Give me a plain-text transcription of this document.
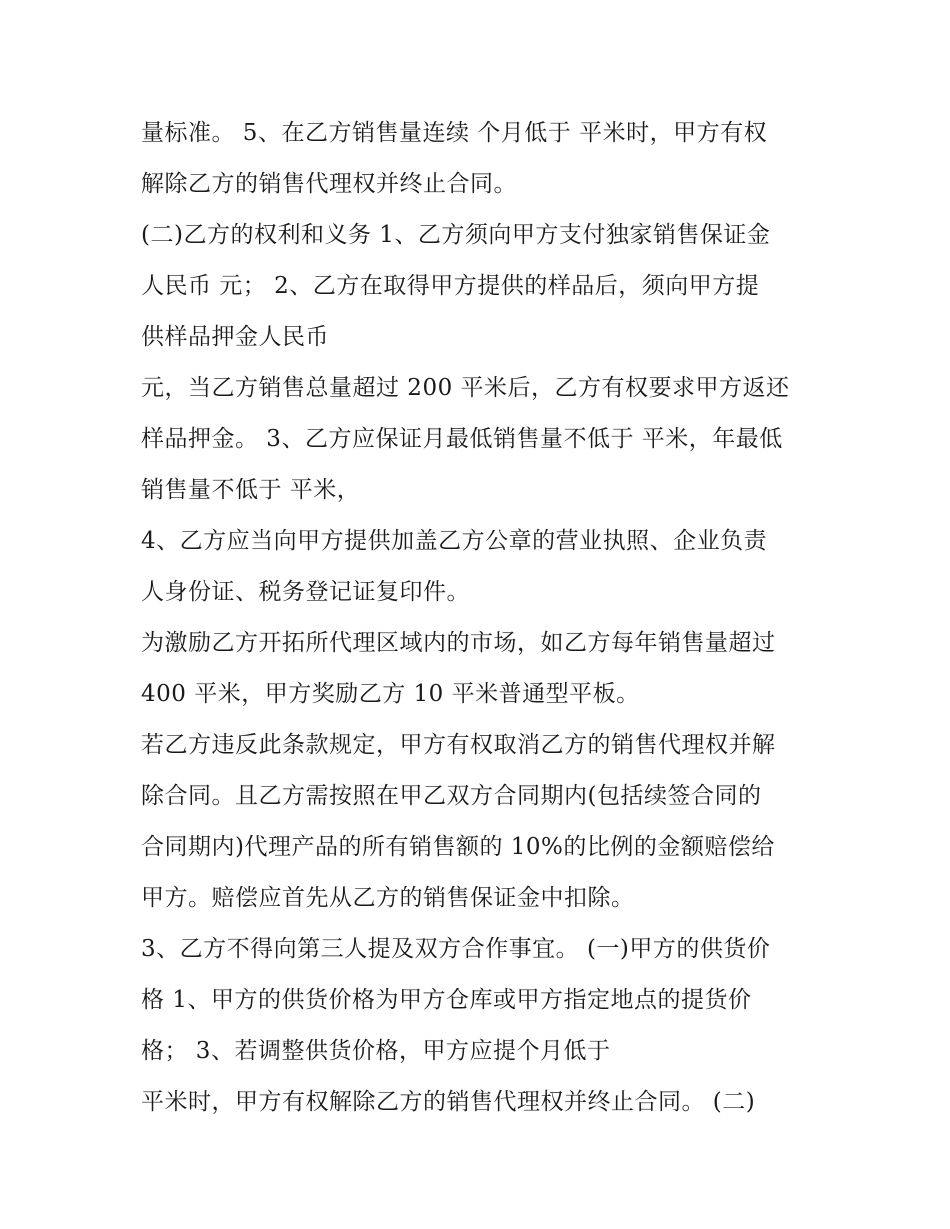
量标准。 5、在乙方销售量连续 个月低于 平米时，甲方有权
解除乙方的销售代理权并终止合同。
(二)乙方的权利和义务 1、乙方须向甲方支付独家销售保证金
人民币 元； 2、乙方在取得甲方提供的样品后，须向甲方提
供样品押金人民币
元，当乙方销售总量超过 200 平米后，乙方有权要求甲方返还
样品押金。 3、乙方应保证月最低销售量不低于 平米，年最低
销售量不低于 平米，
4、乙方应当向甲方提供加盖乙方公章的营业执照、企业负责
人身份证、税务登记证复印件。
为激励乙方开拓所代理区域内的市场，如乙方每年销售量超过
400 平米，甲方奖励乙方 10 平米普通型平板。
若乙方违反此条款规定，甲方有权取消乙方的销售代理权并解
除合同。且乙方需按照在甲乙双方合同期内(包括续签合同的
合同期内)代理产品的所有销售额的 10%的比例的金额赔偿给
甲方。赔偿应首先从乙方的销售保证金中扣除。
3、乙方不得向第三人提及双方合作事宜。 (一)甲方的供货价
格 1、甲方的供货价格为甲方仓库或甲方指定地点的提货价
格； 3、若调整供货价格，甲方应提个月低于
平米时，甲方有权解除乙方的销售代理权并终止合同。 (二)
